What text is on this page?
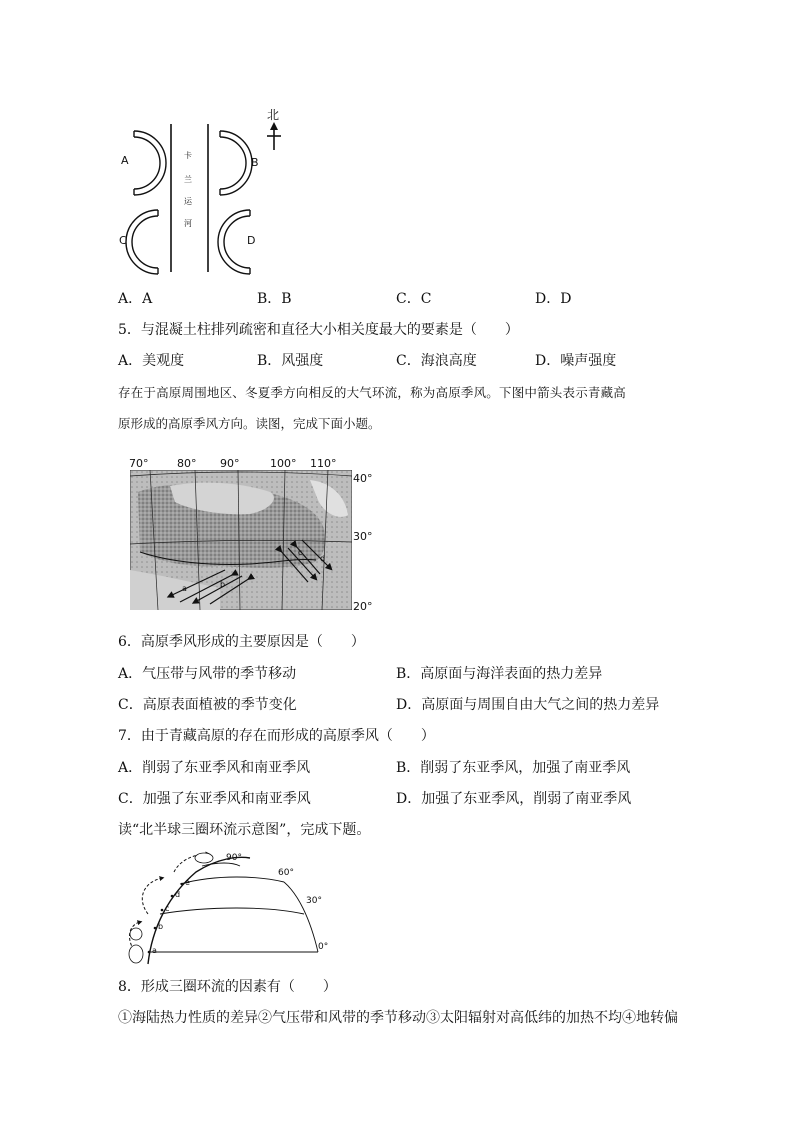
北
A	B
C	D
卡
兰
运
河
A．A	B．B	C．C	D．D
5．与混凝土柱排列疏密和直径大小相关度最大的要素是（　　）
A．美观度	B．风强度	C．海浪高度	D．噪声强度
存在于高原周围地区、冬夏季方向相反的大气环流，称为高原季风。下图中箭头表示青藏高
原形成的高原季风方向。读图，完成下面小题。
70°	80° 90°	100° 110°
40°
30°
20°
a	b
c
d
6．高原季风形成的主要原因是（　　）
A．气压带与风带的季节移动	B．高原面与海洋表面的热力差异
C．高原表面植被的季节变化	D．高原面与周围自由大气之间的热力差异
7．由于青藏高原的存在而形成的高原季风（　　）
A．削弱了东亚季风和南亚季风	B．削弱了东亚季风，加强了南亚季风
C．加强了东亚季风和南亚季风	D．加强了东亚季风，削弱了南亚季风
读“北半球三圈环流示意图”，完成下题。
90°
60°
30°
0°
a
b
c
d
e
8．形成三圈环流的因素有（　　）
①海陆热力性质的差异②气压带和风带的季节移动③太阳辐射对高低纬的加热不均④地转偏
